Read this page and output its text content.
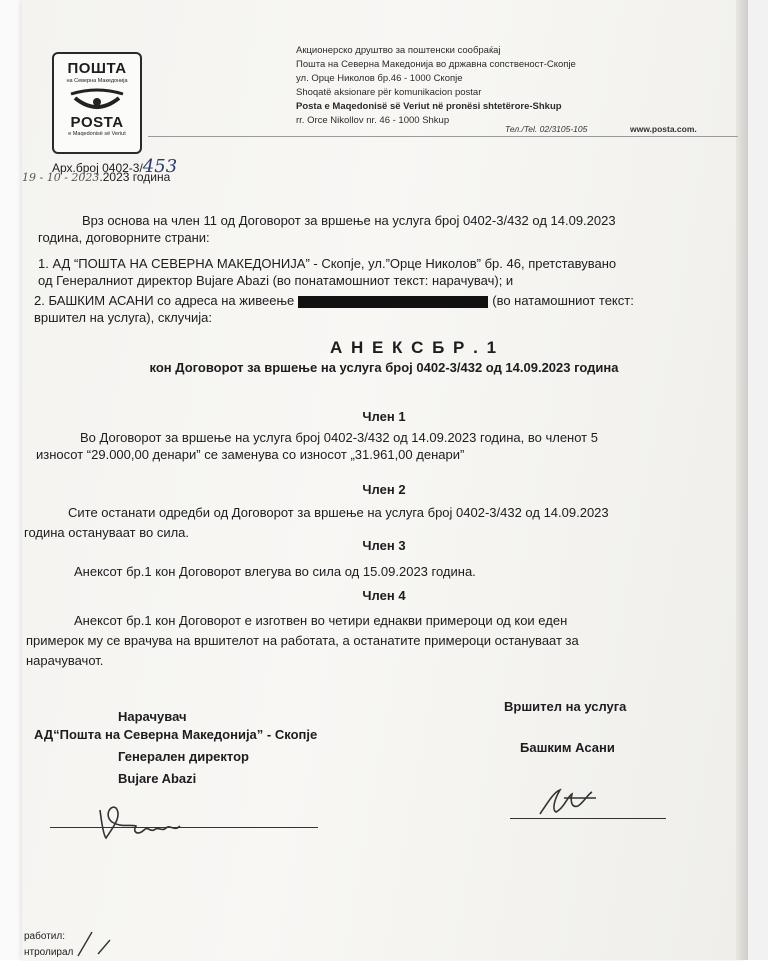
ПОШТА
на Северна Македонија
POSTA
e Maqedonisë së Veriut
Акционерско друштво за поштенски сообраќај
Пошта на Северна Македонија во државна сопственост-Скопје
ул. Орце Николов бр.46 - 1000 Скопје
Shoqatë aksionare për komunikacion postar
Posta e Maqedonisë së Veriut në pronësi shtetërore-Shkup
rr. Orce Nikollov nr. 46 - 1000 Shkup
Тел./Tel. 02/3105-105	www.posta.com.
Арх.број 0402-3/453
19 - 10 - 2023.2023 година
Врз основа на член 11 од Договорот за вршење на услуга број 0402-3/432 од 14.09.2023
година, договорните страни:
1. АД “ПОШТА НА СЕВЕРНА МАКЕДОНИЈА” - Скопје, ул.”Орце Николов” бр. 46, претставувано
од Генералниот директор Bujare Abazi (во понатамошниот текст: нарачувач); и
2. БАШКИМ АСАНИ со адреса на живеење	(во натамошниот текст:
вршител на услуга), склучија:
А Н Е К С Б Р . 1
кон Договорот за вршење на услуга број 0402-3/432 од 14.09.2023 година
Член 1
Во Договорот за вршење на услуга број 0402-3/432 од 14.09.2023 година, во членот 5
износот “29.000,00 денари” се заменува со износот „31.961,00 денари”
Член 2
Сите останати одредби од Договорот за вршење на услуга број 0402-3/432 од 14.09.2023
година остануваат во сила.
Член 3
Анексот бр.1 кон Договорот влегува во сила од 15.09.2023 година.
Член 4
Анексот бр.1 кон Договорот е изготвен во четири еднакви примероци од кои еден
примерок му се врачува на вршителот на работата, а останатите примероци остануваат за
нарачувачот.
Нарачувач
АД“Пошта на Северна Македонија” - Скопје
Генерален директор
Bujare Abazi
Вршител на услуга
Башким Асани
работил:
нтролирал
